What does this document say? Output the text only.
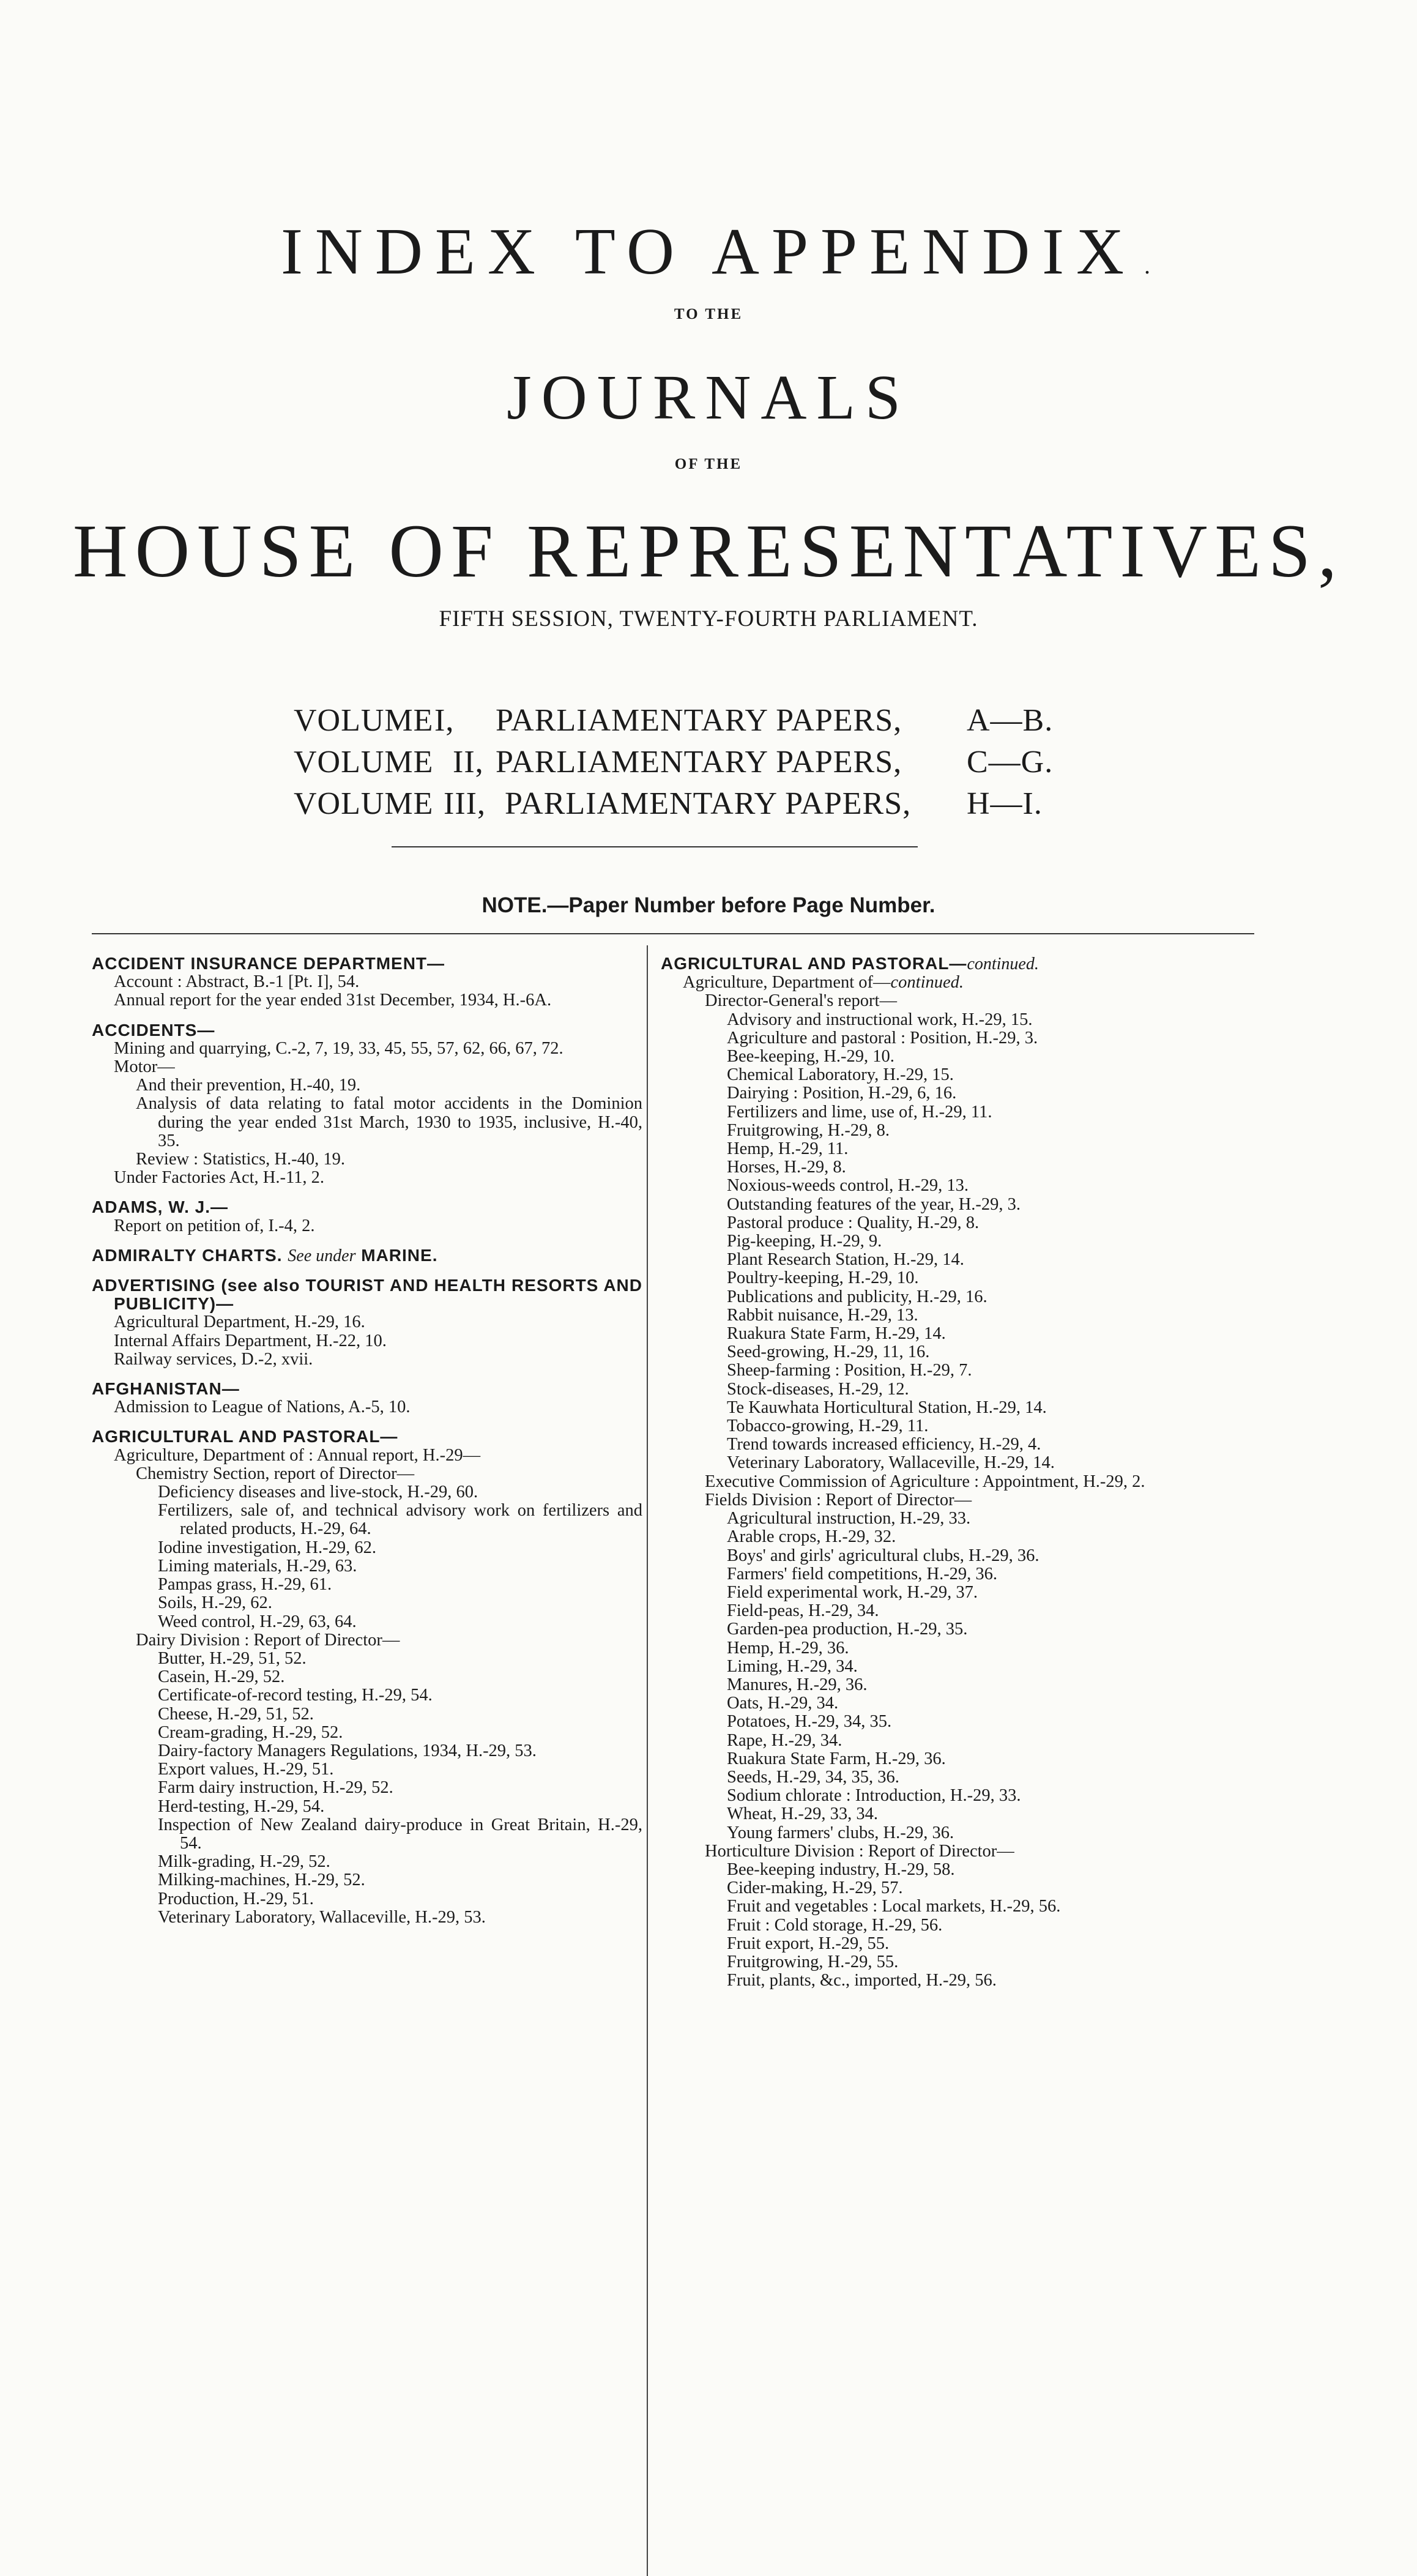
INDEX TO APPENDIX .
TO THE
JOURNALS
OF THE
HOUSE OF REPRESENTATIVES,
FIFTH SESSION, TWENTY-FOURTH PARLIAMENT.
VOLUME I, PARLIAMENTARY PAPERS, A—B.
VOLUME II, PARLIAMENTARY PAPERS, C—G.
VOLUME III, PARLIAMENTARY PAPERS, H—I.
NOTE.—Paper Number before Page Number.
ACCIDENT INSURANCE DEPARTMENT—
Account : Abstract, B.-1 [Pt. I], 54.
Annual report for the year ended 31st December, 1934, H.-6A.
ACCIDENTS—
Mining and quarrying, C.-2, 7, 19, 33, 45, 55, 57, 62, 66, 67, 72.
Motor—
And their prevention, H.-40, 19.
Analysis of data relating to fatal motor accidents in the Dominion during the year ended 31st March, 1930 to 1935, inclusive, H.-40, 35.
Review : Statistics, H.-40, 19.
Under Factories Act, H.-11, 2.
ADAMS, W. J.—
Report on petition of, I.-4, 2.
ADMIRALTY CHARTS. See under MARINE.
ADVERTISING (see also TOURIST AND HEALTH RESORTS AND PUBLICITY)—
Agricultural Department, H.-29, 16.
Internal Affairs Department, H.-22, 10.
Railway services, D.-2, xvii.
AFGHANISTAN—
Admission to League of Nations, A.-5, 10.
AGRICULTURAL AND PASTORAL—
Agriculture, Department of : Annual report, H.-29—
Chemistry Section, report of Director—
Deficiency diseases and live-stock, H.-29, 60.
Fertilizers, sale of, and technical advisory work on fertilizers and related products, H.-29, 64.
Iodine investigation, H.-29, 62.
Liming materials, H.-29, 63.
Pampas grass, H.-29, 61.
Soils, H.-29, 62.
Weed control, H.-29, 63, 64.
Dairy Division : Report of Director—
Butter, H.-29, 51, 52.
Casein, H.-29, 52.
Certificate-of-record testing, H.-29, 54.
Cheese, H.-29, 51, 52.
Cream-grading, H.-29, 52.
Dairy-factory Managers Regulations, 1934, H.-29, 53.
Export values, H.-29, 51.
Farm dairy instruction, H.-29, 52.
Herd-testing, H.-29, 54.
Inspection of New Zealand dairy-produce in Great Britain, H.-29, 54.
Milk-grading, H.-29, 52.
Milking-machines, H.-29, 52.
Production, H.-29, 51.
Veterinary Laboratory, Wallaceville, H.-29, 53.
AGRICULTURAL AND PASTORAL—continued.
Agriculture, Department of—continued.
Director-General's report—
Advisory and instructional work, H.-29, 15.
Agriculture and pastoral : Position, H.-29, 3.
Bee-keeping, H.-29, 10.
Chemical Laboratory, H.-29, 15.
Dairying : Position, H.-29, 6, 16.
Fertilizers and lime, use of, H.-29, 11.
Fruitgrowing, H.-29, 8.
Hemp, H.-29, 11.
Horses, H.-29, 8.
Noxious-weeds control, H.-29, 13.
Outstanding features of the year, H.-29, 3.
Pastoral produce : Quality, H.-29, 8.
Pig-keeping, H.-29, 9.
Plant Research Station, H.-29, 14.
Poultry-keeping, H.-29, 10.
Publications and publicity, H.-29, 16.
Rabbit nuisance, H.-29, 13.
Ruakura State Farm, H.-29, 14.
Seed-growing, H.-29, 11, 16.
Sheep-farming : Position, H.-29, 7.
Stock-diseases, H.-29, 12.
Te Kauwhata Horticultural Station, H.-29, 14.
Tobacco-growing, H.-29, 11.
Trend towards increased efficiency, H.-29, 4.
Veterinary Laboratory, Wallaceville, H.-29, 14.
Executive Commission of Agriculture : Appointment, H.-29, 2.
Fields Division : Report of Director—
Agricultural instruction, H.-29, 33.
Arable crops, H.-29, 32.
Boys' and girls' agricultural clubs, H.-29, 36.
Farmers' field competitions, H.-29, 36.
Field experimental work, H.-29, 37.
Field-peas, H.-29, 34.
Garden-pea production, H.-29, 35.
Hemp, H.-29, 36.
Liming, H.-29, 34.
Manures, H.-29, 36.
Oats, H.-29, 34.
Potatoes, H.-29, 34, 35.
Rape, H.-29, 34.
Ruakura State Farm, H.-29, 36.
Seeds, H.-29, 34, 35, 36.
Sodium chlorate : Introduction, H.-29, 33.
Wheat, H.-29, 33, 34.
Young farmers' clubs, H.-29, 36.
Horticulture Division : Report of Director—
Bee-keeping industry, H.-29, 58.
Cider-making, H.-29, 57.
Fruit and vegetables : Local markets, H.-29, 56.
Fruit : Cold storage, H.-29, 56.
Fruit export, H.-29, 55.
Fruitgrowing, H.-29, 55.
Fruit, plants, &c., imported, H.-29, 56.
